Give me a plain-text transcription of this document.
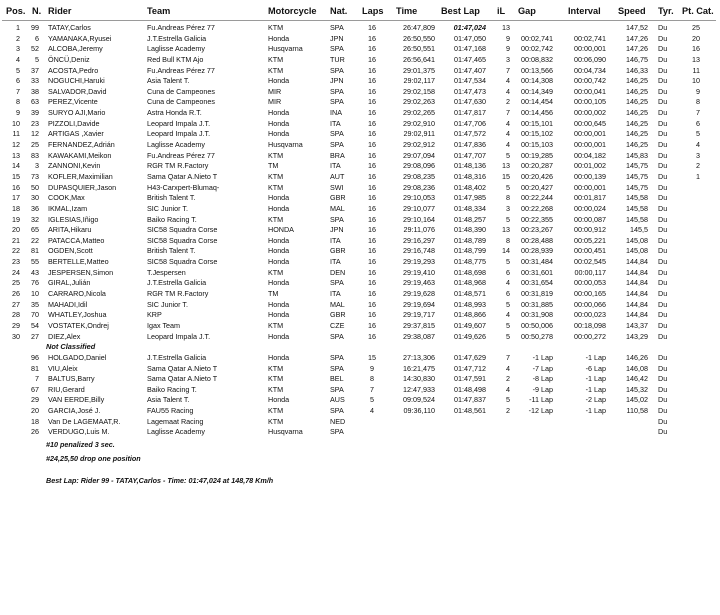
Pos. N. Rider	Team	Motorcycle Nat. Laps Time	Best Lap iL Gap	Interval Speed Tyr. Pt. Cat.
1	99 TATAY,Carlos	Fu.Andreas Pérez 77	KTM	SPA	16	26:47,809	01:47,024	13	147,52 Du	25
2	6 YAMANAKA,Ryusei	J.T.Estrella Galicia	Honda	JPN	16	26:50,550	01:47,050	9	00:02,741	00:02,741	147,26 Du	20
3	52 ALCOBA,Jeremy	Laglisse Academy	Husqvarna	SPA	16	26:50,551	01:47,168	9	00:02,742	00:00,001	147,26 Du	16
4	5 ÖNCÜ,Deniz	Red Bull KTM Ajo	KTM	TUR	16	26:56,641	01:47,465	3	00:08,832	00:06,090	146,75 Du	13
5	37 ACOSTA,Pedro	Fu.Andreas Pérez 77	KTM	SPA	16	29:01,375	01:47,407	7	00:13,566	00:04,734	146,33 Du	11
6	33 NOGUCHI,Haruki	Asia Talent T.	Honda	JPN	16	29:02,117	01:47,534	4	00:14,308	00:00,742	146,25 Du	10
7	38 SALVADOR,David	Cuna de Campeones	MIR	SPA	16	29:02,158	01:47,473	4	00:14,349	00:00,041	146,25 Du	9
8	63 PEREZ,Vicente	Cuna de Campeones	MIR	SPA	16	29:02,263	01:47,630	2	00:14,454	00:00,105	146,25 Du	8
9	39 SURYO AJI,Mario	Astra Honda R.T.	Honda	INA	16	29:02,265	01:47,817	7	00:14,456	00:00,002	146,25 Du	7
10	23 PIZZOLI,Davide	Leopard Impala J.T.	Honda	ITA	16	29:02,910	01:47,706	4	00:15,101	00:00,645	146,25 Du	6
11	12 ARTIGAS ,Xavier	Leopard Impala J.T.	Honda	SPA	16	29:02,911	01:47,572	4	00:15,102	00:00,001	146,25 Du	5
12	25 FERNANDEZ,Adrián	Laglisse Academy	Husqvarna	SPA	16	29:02,912	01:47,836	4	00:15,103	00:00,001	146,25 Du	4
13	83 KAWAKAMI,Meikon	Fu.Andreas Pérez 77	KTM	BRA	16	29:07,094	01:47,707	5	00:19,285	00:04,182	145,83 Du	3
14	3 ZANNONI,Kevin	RGR TM R.Factory	TM	ITA	16	29:08,096	01:48,136	13	00:20,287	00:01,002	145,75 Du	2
15	73 KOFLER,Maximilian	Sama Qatar A.Nieto T	KTM	AUT	16	29:08,235	01:48,316	15	00:20,426	00:00,139	145,75 Du	1
16	50 DUPASQUIER,Jason	H43-Carxpert-Blumaq-	KTM	SWI	16	29:08,236	01:48,402	5	00:20,427	00:00,001	145,75 Du
17	30 COOK,Max	British Talent T.	Honda	GBR	16	29:10,053	01:47,985	8	00:22,244	00:01,817	145,58 Du
18	36 IKMAL,Izam	SIC Junior T.	Honda	MAL	16	29:10,077	01:48,334	3	00:22,268	00:00,024	145,58 Du
19	32 IGLESIAS,Iñigo	Baiko Racing T.	KTM	SPA	16	29:10,164	01:48,257	5	00:22,355	00:00,087	145,58 Du
20	65 ARITA,Hikaru	SIC58 Squadra Corse	HONDA	JPN	16	29:11,076	01:48,390	13	00:23,267	00:00,912	145,5 Du
21	22 PATACCA,Matteo	SIC58 Squadra Corse	Honda	ITA	16	29:16,297	01:48,789	8	00:28,488	00:05,221	145,08 Du
22	81 OGDEN,Scott	British Talent T.	Honda	GBR	16	29:16,748	01:48,799	14	00:28,939	00:00,451	145,08 Du
23	55 BERTELLE,Matteo	SIC58 Squadra Corse	Honda	ITA	16	29:19,293	01:48,775	5	00:31,484	00:02,545	144,84 Du
24	43 JESPERSEN,Simon	T.Jespersen	KTM	DEN	16	29:19,410	01:48,698	6	00:31,601	00:00,117	144,84 Du
25	76 GIRAL,Julián	J.T.Estrella Galicia	Honda	SPA	16	29:19,463	01:48,968	4	00:31,654	00:00,053	144,84 Du
26	10 CARRARO,Nicola	RGR TM R.Factory	TM	ITA	16	29:19,628	01:48,571	6	00:31,819	00:00,165	144,84 Du
27	35 MAHADI,Idil	SIC Junior T.	Honda	MAL	16	29:19,694	01:48,993	5	00:31,885	00:00,066	144,84 Du
28	70 WHATLEY,Joshua	KRP	Honda	GBR	16	29:19,717	01:48,866	4	00:31,908	00:00,023	144,84 Du
29	54 VOSTATEK,Ondrej	Igax Team	KTM	CZE	16	29:37,815	01:49,607	5	00:50,006	00:18,098	143,37 Du
30	27 DIEZ,Alex	Leopard Impala J.T.	Honda	SPA	16	29:38,087	01:49,626	5	00:50,278	00:00,272	143,29 Du
Not Classified
96 HOLGADO,Daniel	J.T.Estrella Galicia	Honda	SPA	15	27:13,306	01:47,629	7	-1 Lap	-1 Lap	146,26 Du
81 VIU,Aleix	Sama Qatar A.Nieto T	KTM	SPA	9	16:21,475	01:47,712	4	-7 Lap	-6 Lap	146,08 Du
7 BALTUS,Barry	Sama Qatar A.Nieto T	KTM	BEL	8	14:30,830	01:47,591	2	-8 Lap	-1 Lap	146,42 Du
67 RIU,Gerard	Baiko Racing T.	KTM	SPA	7	12:47,933	01:48,498	4	-9 Lap	-1 Lap	145,32 Du
29 VAN EERDE,Billy	Asia Talent T.	Honda	AUS	5	09:09,524	01:47,837	5	-11 Lap	-2 Lap	145,02 Du
20 GARCIA,José J.	FAU55 Racing	KTM	SPA	4	09:36,110	01:48,561	2	-12 Lap	-1 Lap	110,58 Du
18 Van De LAGEMAAT,R.	Lagemaat Racing	KTM	NED	Du
26 VERDUGO,Luis M.	Laglisse Academy	Husqvarna	SPA	Du
#10 penalized 3 sec.
#24,25,50 drop one position
Best Lap: Rider 99 - TATAY,Carlos - Time: 01:47,024 at 148,78 Km/h
